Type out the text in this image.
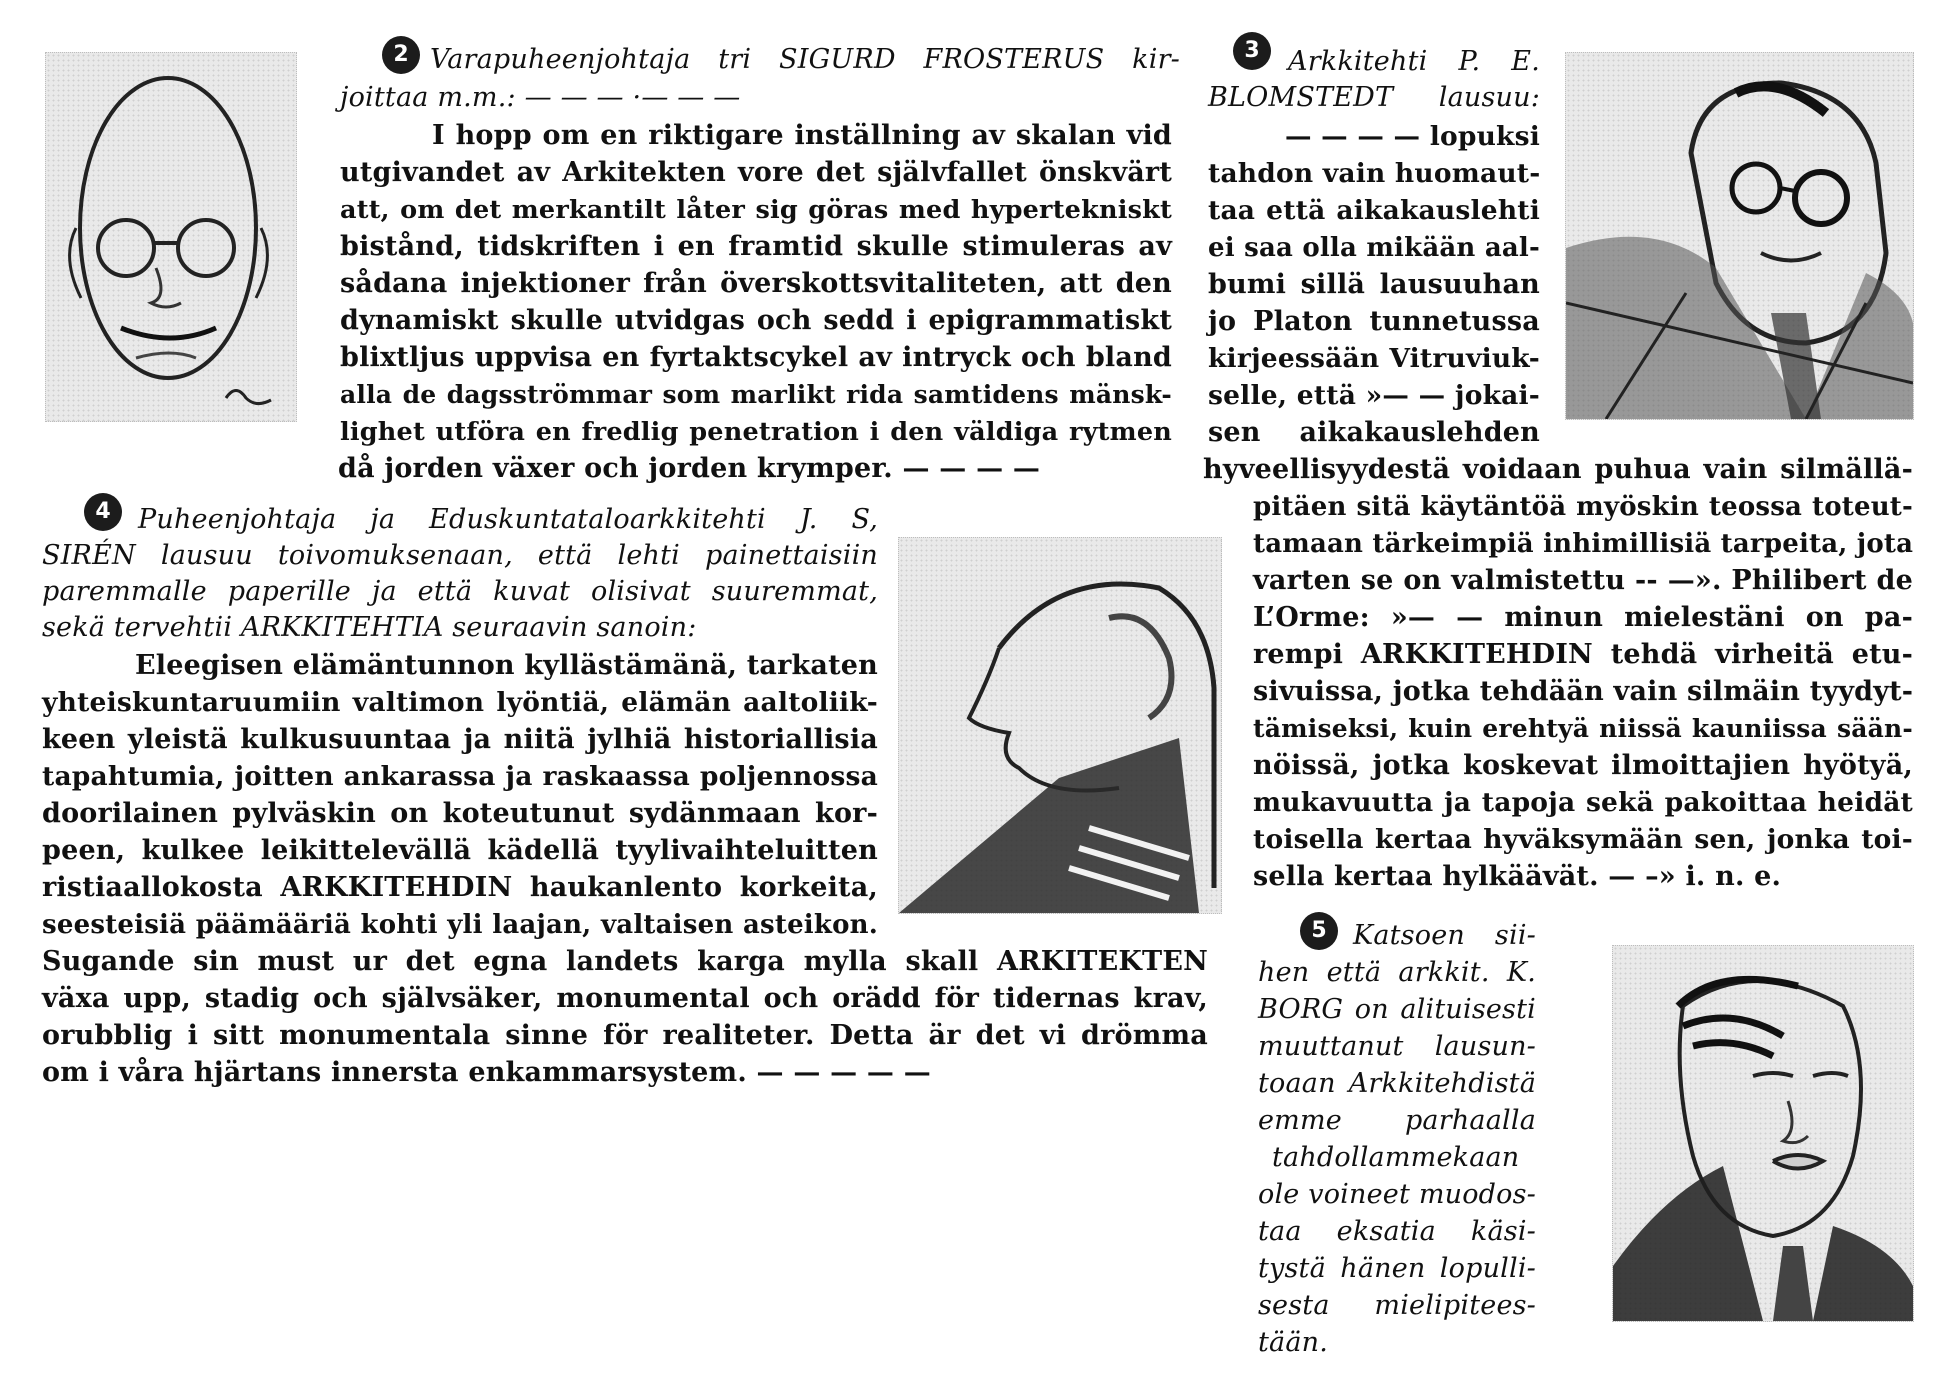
2 Varapuheenjohtaja tri SIGURD FROSTERUS kir-
joittaa m.m.: — — — ·— — —
I hopp om en riktigare inställning av skalan vid
utgivandet av Arkitekten vore det självfallet önskvärt
att, om det merkantilt låter sig göras med hypertekniskt
bistånd, tidskriften i en framtid skulle stimuleras av
sådana injektioner från överskottsvitaliteten, att den
dynamiskt skulle utvidgas och sedd i epigrammatiskt
blixtljus uppvisa en fyrtaktscykel av intryck och bland
alla de dagsströmmar som marlikt rida samtidens mänsk-
lighet utföra en fredlig penetration i den väldiga rytmen
då jorden växer och jorden krymper. — — — —
3	Arkkitehti P. E.
BLOMSTEDT lausuu:
— — — — lopuksi
tahdon vain huomaut-
taa että aikakauslehti
ei saa olla mikään aal-
bumi sillä lausuuhan
jo Platon tunnetussa
kirjeessään Vitruviuk-
selle, että »— — jokai-
sen aikakauslehden
hyveellisyydestä voidaan puhua vain silmällä-
pitäen sitä käytäntöä myöskin teossa toteut-
tamaan tärkeimpiä inhimillisiä tarpeita, jota
varten se on valmistettu -- —». Philibert de
L’Orme: »— — minun mielestäni on pa-
rempi ARKKITEHDIN tehdä virheitä etu-
sivuissa, jotka tehdään vain silmäin tyydyt-
tämiseksi, kuin erehtyä niissä kauniissa sään-
nöissä, jotka koskevat ilmoittajien hyötyä,
mukavuutta ja tapoja sekä pakoittaa heidät
toisella kertaa hyväksymään sen, jonka toi-
sella kertaa hylkäävät. — –» i. n. e.
4	Puheenjohtaja ja Eduskuntataloarkkitehti J. S,
SIRÉN lausuu toivomuksenaan, että lehti painettaisiin
paremmalle paperille ja että kuvat olisivat suuremmat,
sekä tervehtii ARKKITEHTIA seuraavin sanoin:
Eleegisen elämäntunnon kyllästämänä, tarkaten
yhteiskuntaruumiin valtimon lyöntiä, elämän aaltoliik-
keen yleistä kulkusuuntaa ja niitä jylhiä historiallisia
tapahtumia, joitten ankarassa ja raskaassa poljennossa
doorilainen pylväskin on koteutunut sydänmaan kor-
peen, kulkee leikittelevällä kädellä tyylivaihteluitten
ristiaallokosta ARKKITEHDIN haukanlento korkeita,
seesteisiä päämääriä kohti yli laajan, valtaisen asteikon.
Sugande sin must ur det egna landets karga mylla skall ARKITEKTEN
växa upp, stadig och självsäker, monumental och orädd för tidernas krav,
orubblig i sitt monumentala sinne för realiteter. Detta är det vi drömma
om i våra hjärtans innersta enkammarsystem. — — — — —
5 Katsoen sii-
hen että arkkit. K.
BORG on alituisesti
muuttanut lausun-
toaan Arkkitehdistä
emme parhaalla
tahdollammekaan
ole voineet muodos-
taa eksatia käsi-
tystä hänen lopulli-
sesta mielipitees-
tään.
